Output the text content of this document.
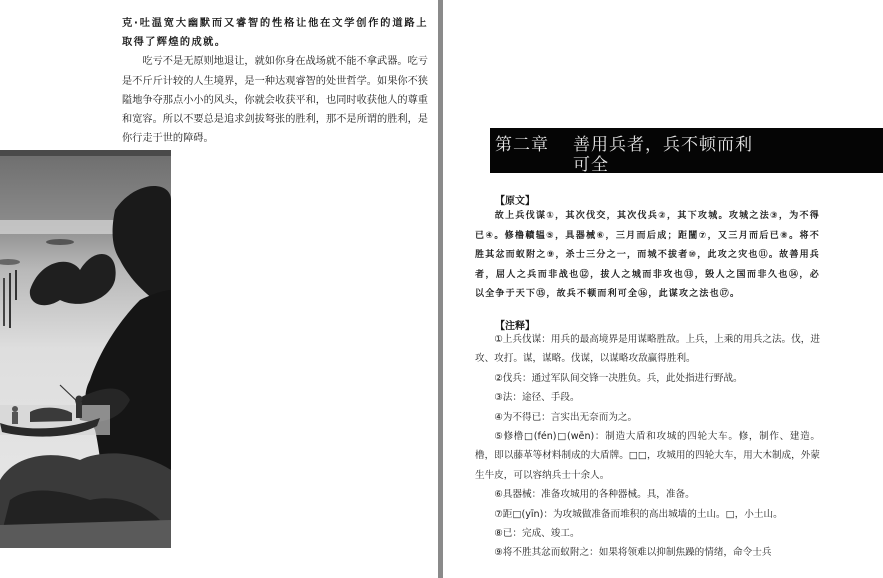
克·吐温宽大幽默而又睿智的性格让他在文学创作的道路上取得了辉煌的成就。

吃亏不是无原则地退让，就如你身在战场就不能不拿武器。吃亏是不斤斤计较的人生境界，是一种达观睿智的处世哲学。如果你不狭隘地争夺那点小小的风头，你就会收获平和，也同时收获他人的尊重和宽容。所以不要总是追求剑拔弩张的胜利，那不是所谓的胜利，是你行走于世的障碍。	第二章 善用兵者，兵不顿而利
可全
【原文】
故上兵伐谋①，其次伐交，其次伐兵②，其下攻城。攻城之法③，为不得已④。修橹轒辒⑤，具器械⑥，三月而后成；距闉⑦，又三月而后已⑧。将不胜其忿而蚁附之⑨，杀士三分之一，而城不拔者⑩，此攻之灾也⑪。故善用兵者，屈人之兵而非战也⑫，拔人之城而非攻也⑬，毁人之国而非久也⑭，必以全争于天下⑮，故兵不顿而利可全⑯，此谋攻之法也⑰。
【注释】

①上兵伐谋：用兵的最高境界是用谋略胜敌。上兵，上乘的用兵之法。伐，进攻、攻打。谋，谋略。伐谋，以谋略攻敌赢得胜利。

②伐兵：通过军队间交锋一决胜负。兵，此处指进行野战。

③法：途径、手段。

④为不得已：言实出无奈而为之。

⑤修橹□(fén)□(wēn)：制造大盾和攻城的四轮大车。修，制作、建造。橹，即以藤革等材料制成的大盾牌。□□，攻城用的四轮大车，用大木制成，外蒙生牛皮，可以容纳兵士十余人。

⑥具器械：准备攻城用的各种器械。具，准备。

⑦距□(yīn)：为攻城做准备而堆积的高出城墙的土山。□，小土山。

⑧已：完成、竣工。

⑨将不胜其忿而蚁附之：如果将领难以抑制焦躁的情绪，命令士兵
